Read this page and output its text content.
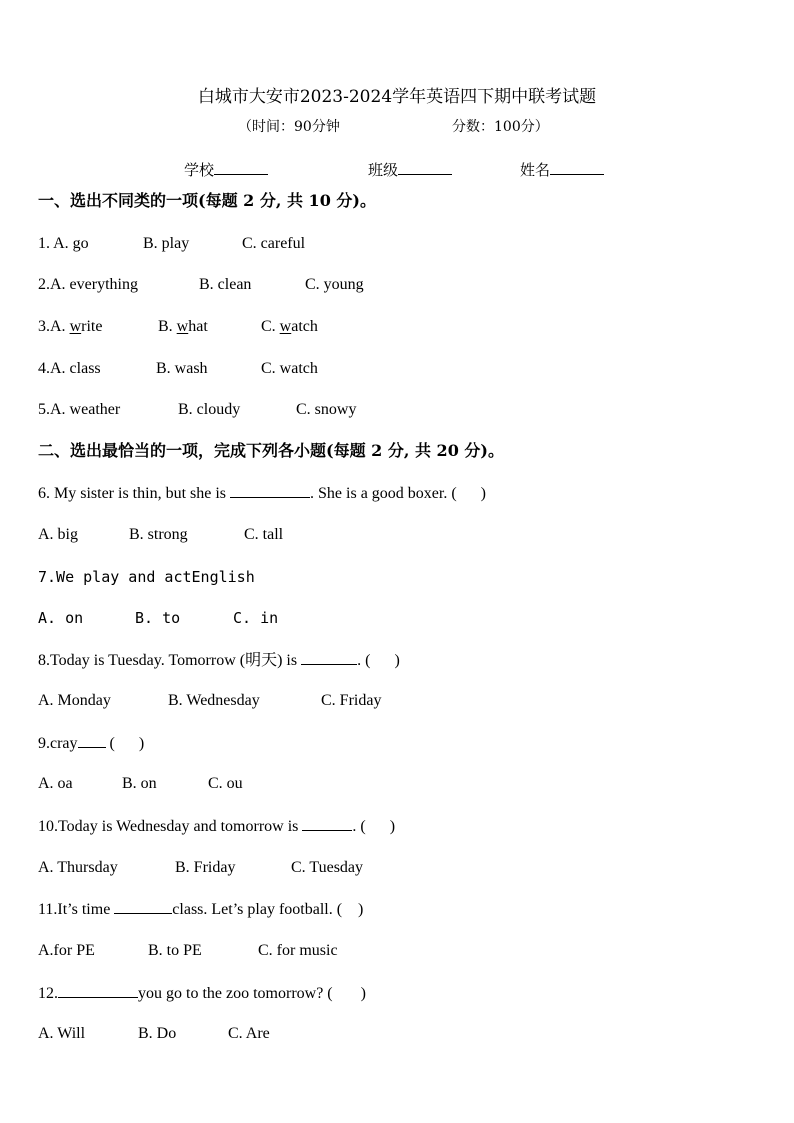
白城市大安市2023-2024学年英语四下期中联考试题
（时间：90分钟	分数：100分）
学校	班级	姓名
一、选出不同类的一项(每题 2 分, 共 10 分)。
1. A. go	B. play	C. careful
2.A. everything	B. clean	C. young
3.A. write	B. what	C. watch
4.A. class	B. wash	C. watch
5.A. weather	B. cloudy	C. snowy
二、选出最恰当的一项，完成下列各小题(每题 2 分, 共 20 分)。
6. My sister is thin, but she is	. She is a good boxer. (      )
A. big	B. strong	C. tall
7.We play and actEnglish
A. on	B. to	C. in
8.Today is Tuesday. Tomorrow (明天) is	. (      )
A. Monday	B. Wednesday	C. Friday
9.cray (      )
A. oa	B. on	C. ou
10.Today is Wednesday and tomorrow is	. (      )
A. Thursday	B. Friday	C. Tuesday
11.It’s time	class. Let’s play football. (    )
A.for PE	B. to PE	C. for music
12.	you go to the zoo tomorrow? (       )
A. Will	B. Do	C. Are
